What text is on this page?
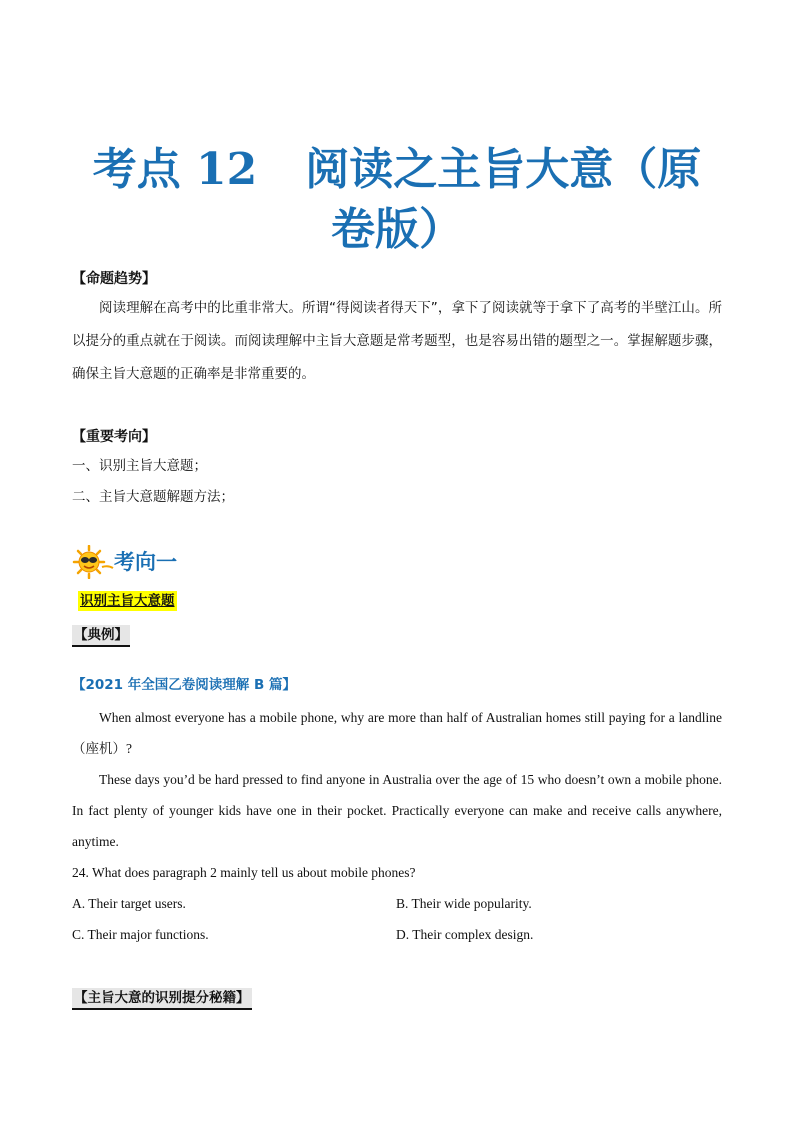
考点 12 阅读之主旨大意（原
卷版）
【命题趋势】
阅读理解在高考中的比重非常大。所谓“得阅读者得天下”，拿下了阅读就等于拿下了高考的半壁江山。所以提分的重点就在于阅读。而阅读理解中主旨大意题是常考题型，也是容易出错的题型之一。掌握解题步骤，确保主旨大意题的正确率是非常重要的。
【重要考向】
一、识别主旨大意题；
二、主旨大意题解题方法；
考向一
识别主旨大意题
【典例】
【2021 年全国乙卷阅读理解 B 篇】
When almost everyone has a mobile phone, why are more than half of Australian homes still paying for a landline（座机）?
These days you’d be hard pressed to find anyone in Australia over the age of 15 who doesn’t own a mobile phone. In fact plenty of younger kids have one in their pocket. Practically everyone can make and receive calls anywhere, anytime.
24. What does paragraph 2 mainly tell us about mobile phones?
A. Their target users.	B. Their wide popularity.
C. Their major functions.	D. Their complex design.
【主旨大意的识别提分秘籍】
